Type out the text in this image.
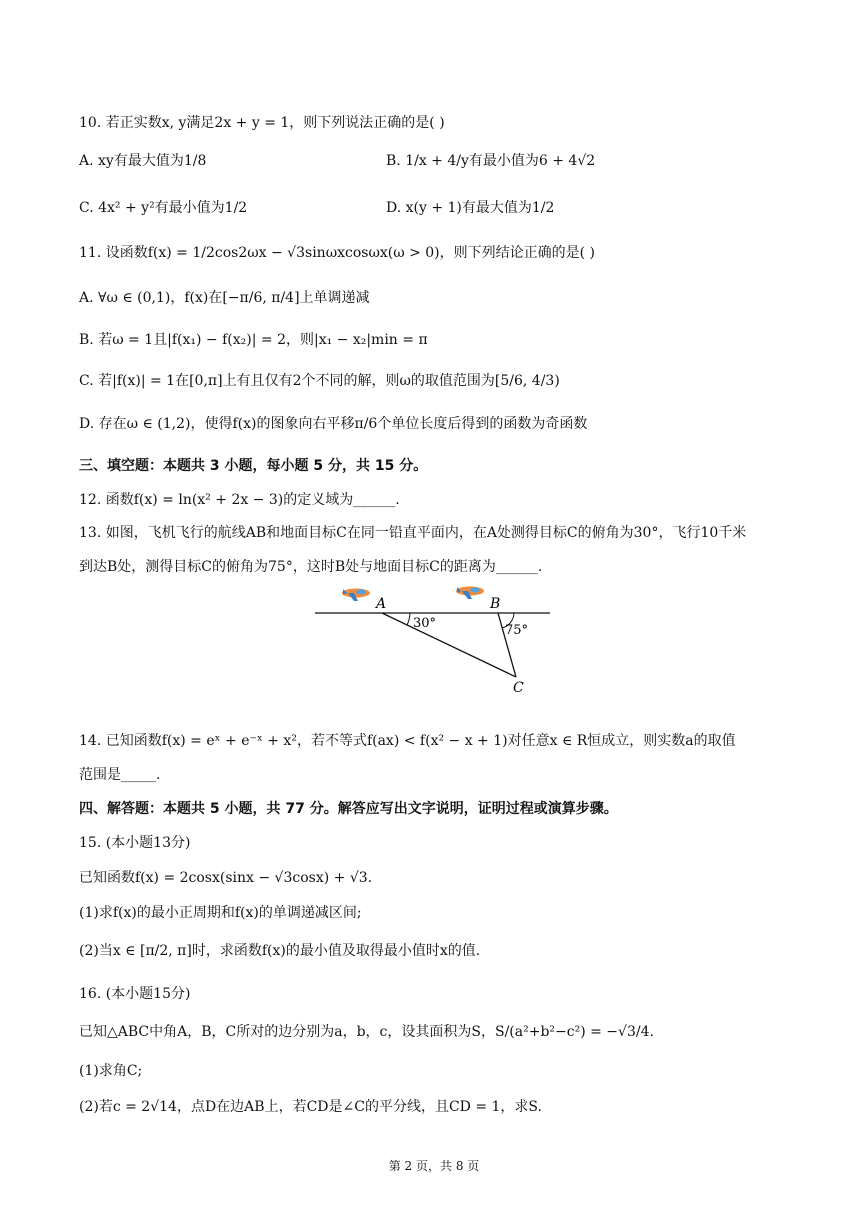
10. 若正实数x, y满足2x + y = 1，则下列说法正确的是( )
A. xy有最大值为1/8	B. 1/x + 4/y有最小值为6 + 4√2
C. 4x² + y²有最小值为1/2	D. x(y + 1)有最大值为1/2
11. 设函数f(x) = 1/2cos2ωx − √3sinωxcosωx(ω > 0)，则下列结论正确的是( )
A. ∀ω ∈ (0,1)，f(x)在[−π/6, π/4]上单调递减
B. 若ω = 1且|f(x₁) − f(x₂)| = 2，则|x₁ − x₂|min = π
C. 若|f(x)| = 1在[0,π]上有且仅有2个不同的解，则ω的取值范围为[5/6, 4/3)
D. 存在ω ∈ (1,2)，使得f(x)的图象向右平移π/6个单位长度后得到的函数为奇函数
三、填空题：本题共 3 小题，每小题 5 分，共 15 分。
12. 函数f(x) = ln(x² + 2x − 3)的定义域为______.
13. 如图，飞机飞行的航线AB和地面目标C在同一铅直平面内，在A处测得目标C的俯角为30°，飞行10千米
到达B处，测得目标C的俯角为75°，这时B处与地面目标C的距离为______.
A	B
C
30°	75°
14. 已知函数f(x) = eˣ + e⁻ˣ + x²，若不等式f(ax) < f(x² − x + 1)对任意x ∈ R恒成立，则实数a的取值
范围是_____.
四、解答题：本题共 5 小题，共 77 分。解答应写出文字说明，证明过程或演算步骤。
15. (本小题13分)
已知函数f(x) = 2cosx(sinx − √3cosx) + √3.
(1)求f(x)的最小正周期和f(x)的单调递减区间;
(2)当x ∈ [π/2, π]时，求函数f(x)的最小值及取得最小值时x的值.
16. (本小题15分)
已知△ABC中角A，B，C所对的边分别为a，b，c，设其面积为S，S/(a²+b²−c²) = −√3/4.
(1)求角C;
(2)若c = 2√14，点D在边AB上，若CD是∠C的平分线，且CD = 1，求S.
第 2 页，共 8 页
